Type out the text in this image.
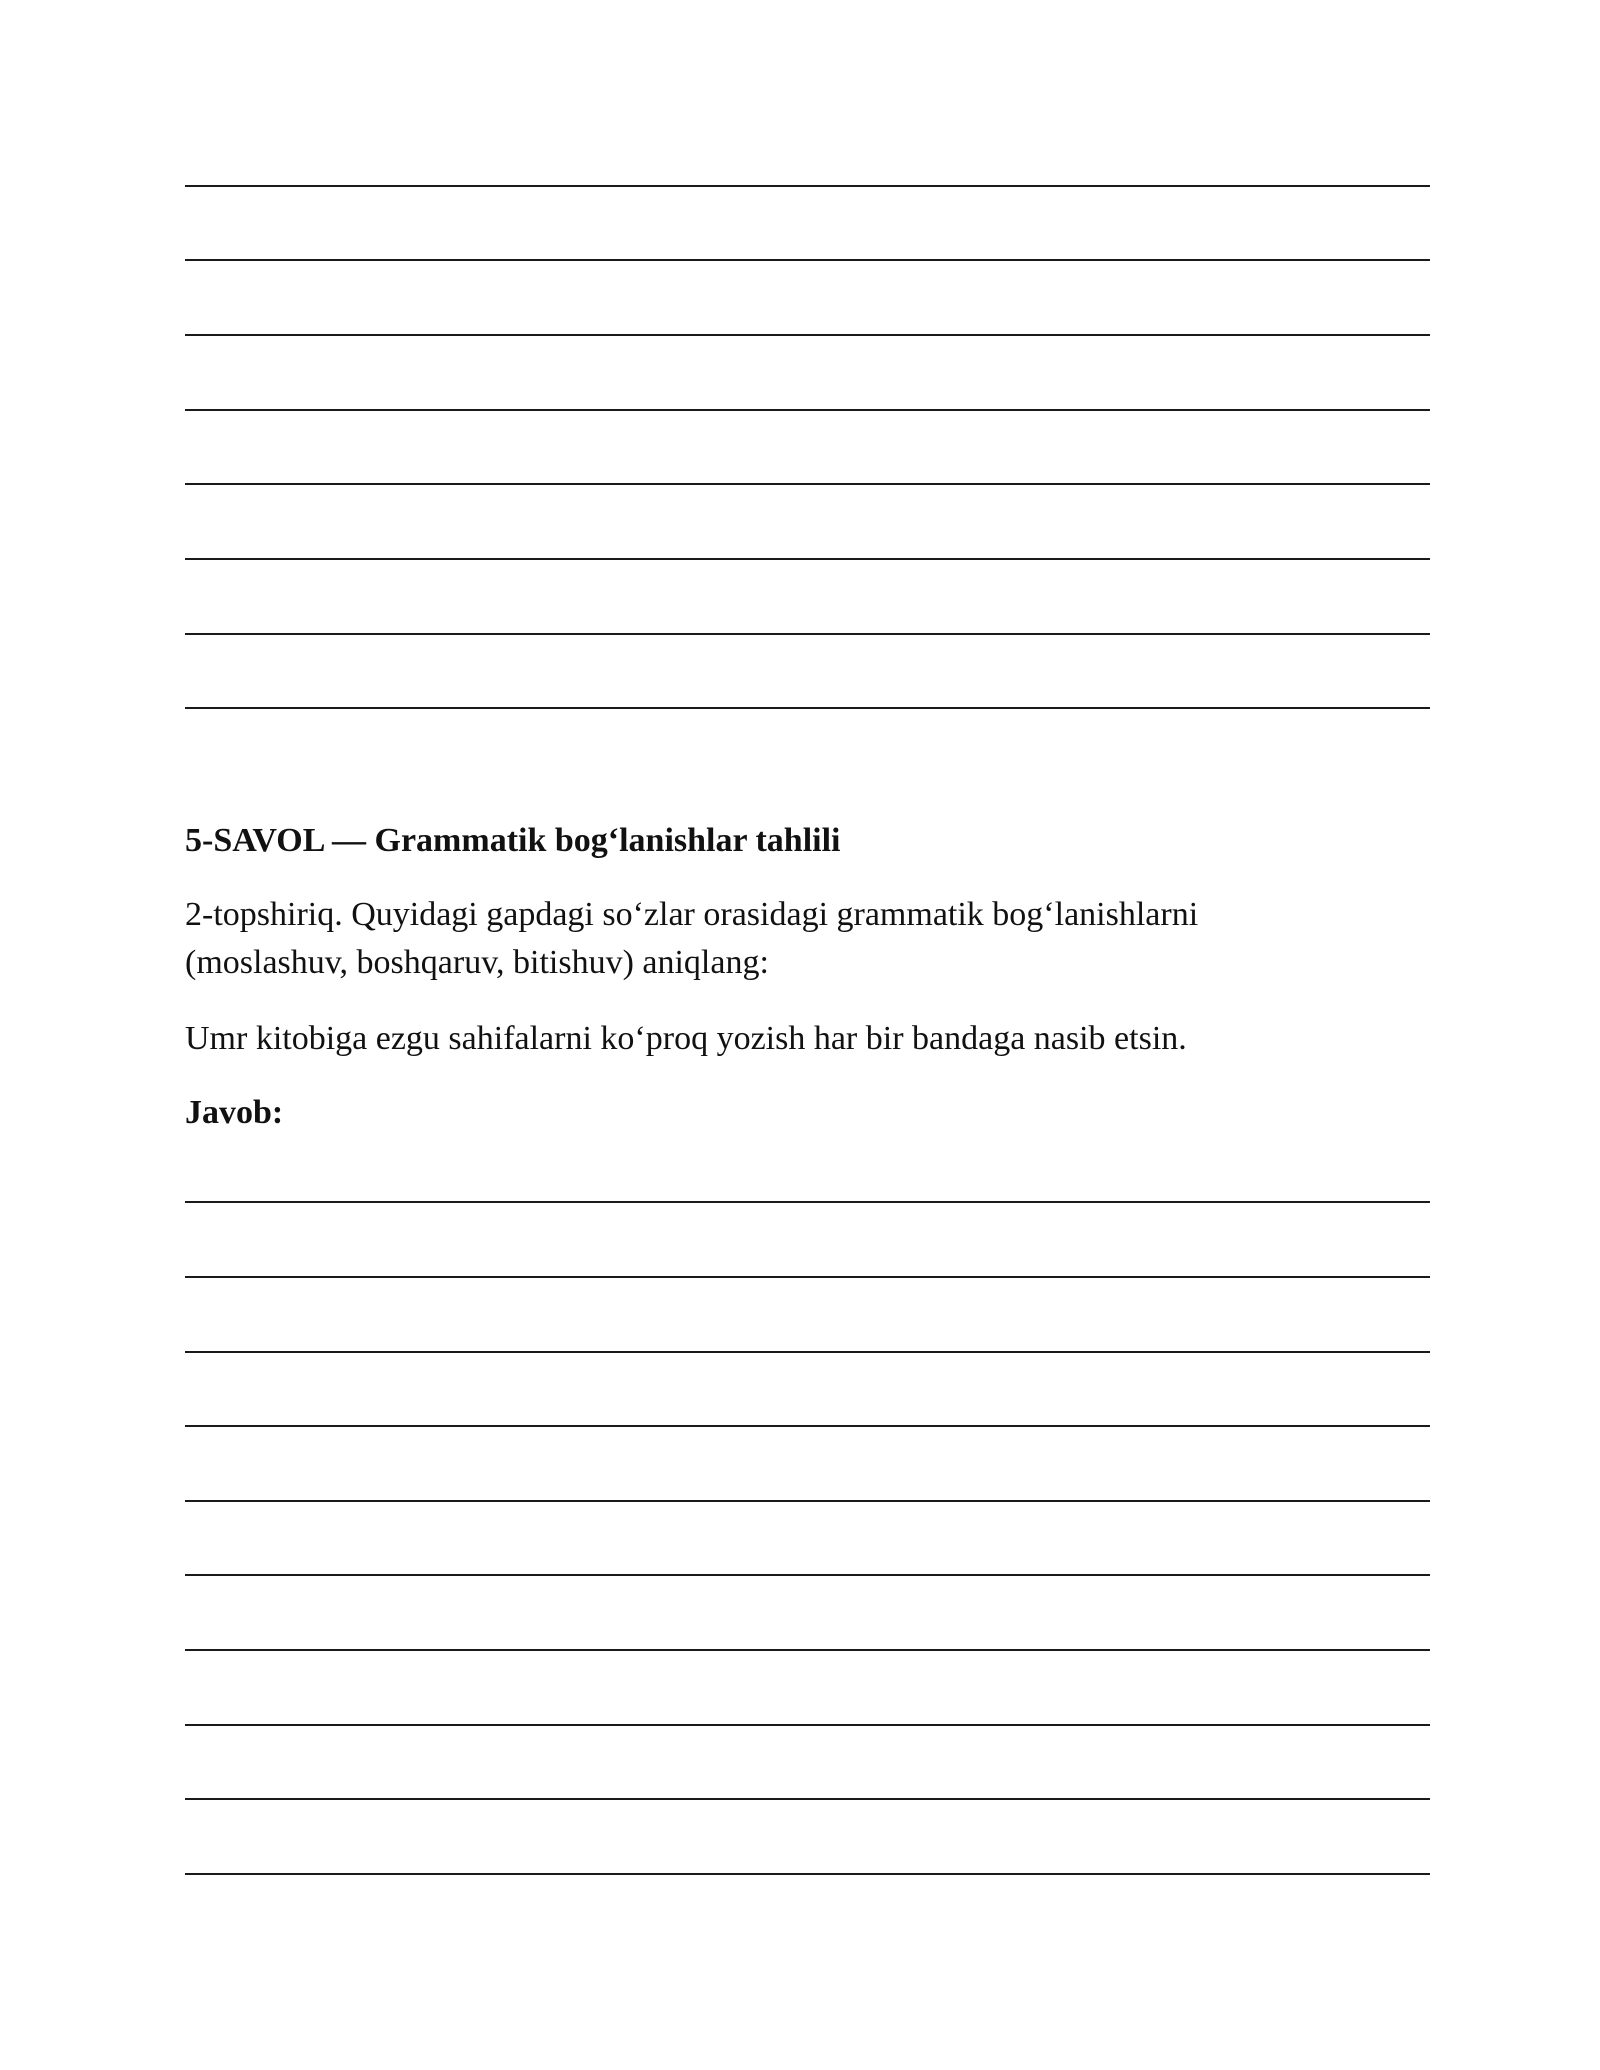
5-SAVOL — Grammatik bog‘lanishlar tahlili

2-topshiriq. Quyidagi gapdagi so‘zlar orasidagi grammatik bog‘lanishlarni (moslashuv, boshqaruv, bitishuv) aniqlang:

Umr kitobiga ezgu sahifalarni ko‘proq yozish har bir bandaga nasib etsin.

Javob:
